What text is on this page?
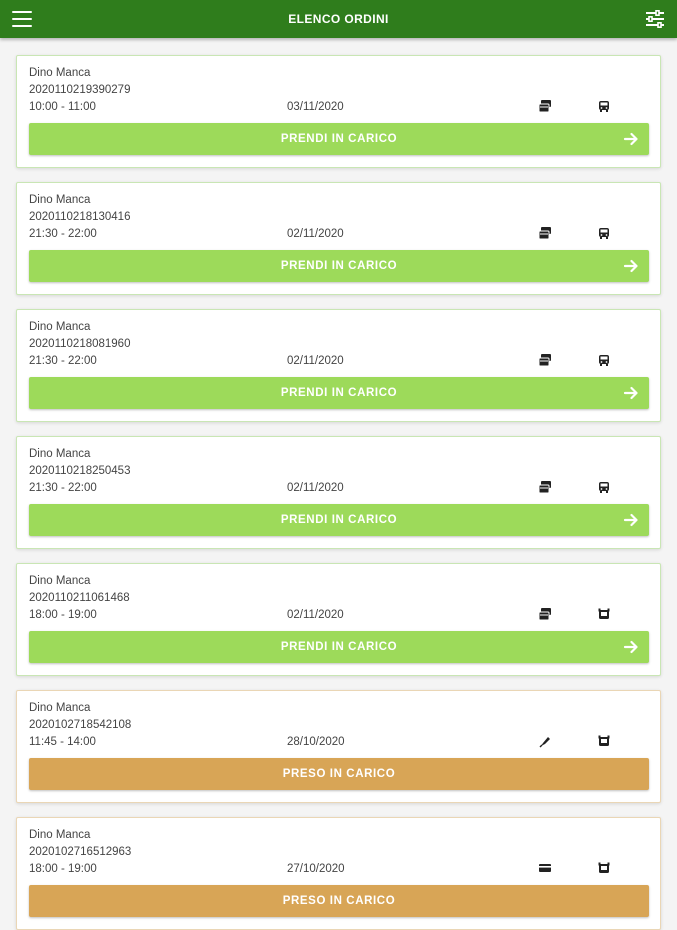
ELENCO ORDINI
Dino Manca
2020110219390279
10:00 - 11:00	03/11/2020
PRENDI IN CARICO
Dino Manca
2020110218130416
21:30 - 22:00	02/11/2020
PRENDI IN CARICO
Dino Manca
2020110218081960
21:30 - 22:00	02/11/2020
PRENDI IN CARICO
Dino Manca
2020110218250453
21:30 - 22:00	02/11/2020
PRENDI IN CARICO
Dino Manca
2020110211061468
18:00 - 19:00	02/11/2020
PRENDI IN CARICO
Dino Manca
2020102718542108
11:45 - 14:00	28/10/2020
PRESO IN CARICO
Dino Manca
2020102716512963
18:00 - 19:00	27/10/2020
PRESO IN CARICO
